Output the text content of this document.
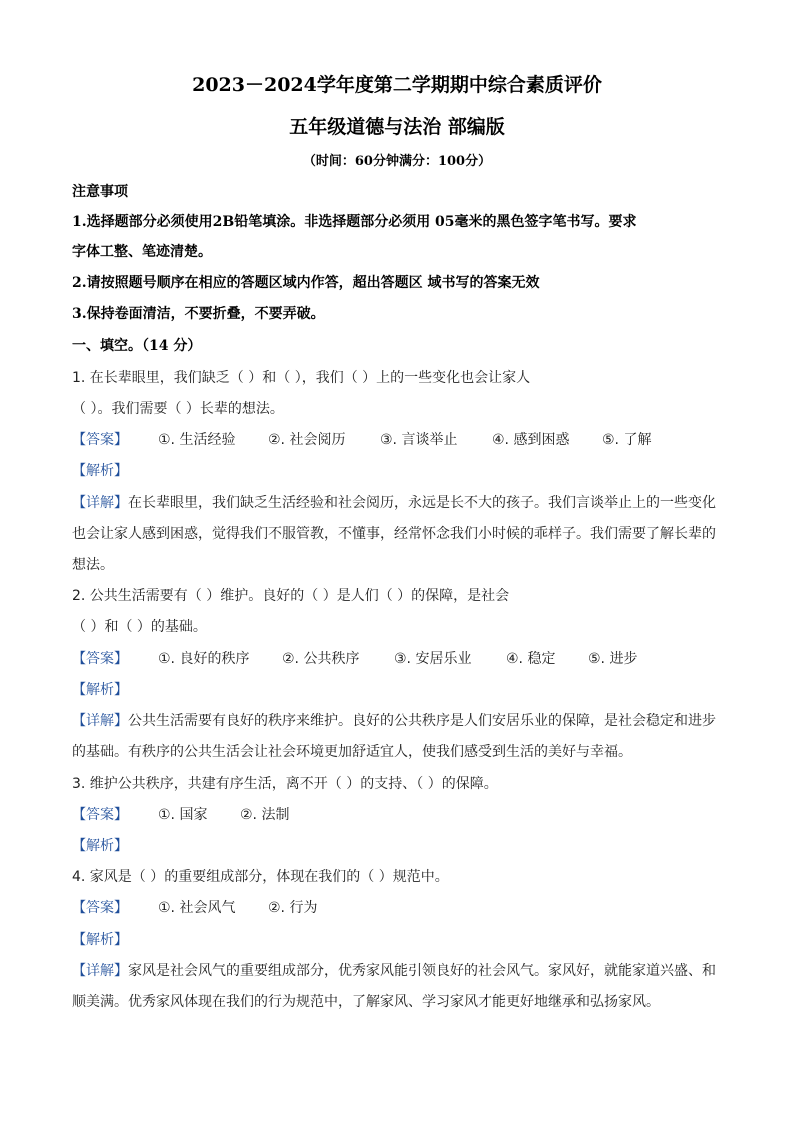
2023－2024学年度第二学期期中综合素质评价
五年级道德与法治 部编版
（时间：60分钟满分：100分）
注意事项
1.选择题部分必须使用2B铅笔填涂。非选择题部分必须用 05毫米的黑色签字笔书写。要求
字体工整、笔迹清楚。
2.请按照题号顺序在相应的答题区域内作答，超出答题区 域书写的答案无效
3.保持卷面清洁，不要折叠，不要弄破。
一、填空。（14 分）
1. 在长辈眼里，我们缺乏（ ）和（ ），我们（ ）上的一些变化也会让家人
（ ）。我们需要（ ）长辈的想法。
【答案】 ①. 生活经验 ②. 社会阅历 ③. 言谈举止 ④. 感到困惑 ⑤. 了解
【解析】
【详解】在长辈眼里，我们缺乏生活经验和社会阅历，永远是长不大的孩子。我们言谈举止上的一些变化
也会让家人感到困惑，觉得我们不服管教，不懂事，经常怀念我们小时候的乖样子。我们需要了解长辈的
想法。
2. 公共生活需要有（ ）维护。良好的（ ）是人们（ ）的保障，是社会
（ ）和（ ）的基础。
【答案】 ①. 良好的秩序 ②. 公共秩序 ③. 安居乐业 ④. 稳定 ⑤. 进步
【解析】
【详解】公共生活需要有良好的秩序来维护。良好的公共秩序是人们安居乐业的保障，是社会稳定和进步
的基础。有秩序的公共生活会让社会环境更加舒适宜人，使我们感受到生活的美好与幸福。
3. 维护公共秩序，共建有序生活，离不开（ ）的支持、（ ）的保障。
【答案】 ①. 国家 ②. 法制
【解析】
4. 家风是（ ）的重要组成部分，体现在我们的（ ）规范中。
【答案】 ①. 社会风气 ②. 行为
【解析】
【详解】家风是社会风气的重要组成部分，优秀家风能引领良好的社会风气。家风好，就能家道兴盛、和
顺美满。优秀家风体现在我们的行为规范中，了解家风、学习家风才能更好地继承和弘扬家风。
